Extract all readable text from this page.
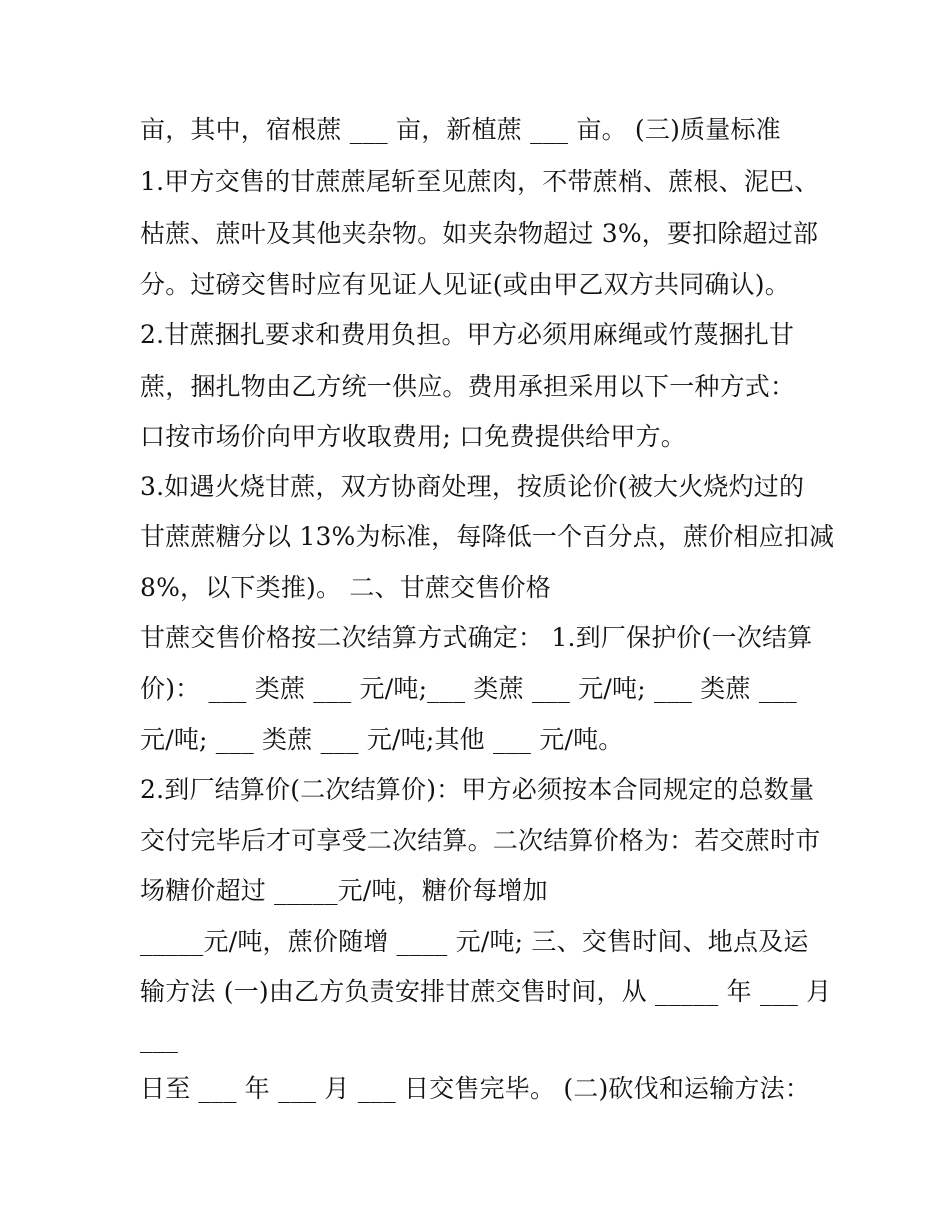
亩，其中，宿根蔗 ___ 亩，新植蔗 ___ 亩。 (三)质量标准
1.甲方交售的甘蔗蔗尾斩至见蔗肉，不带蔗梢、蔗根、泥巴、
枯蔗、蔗叶及其他夹杂物。如夹杂物超过 3%，要扣除超过部
分。过磅交售时应有见证人见证(或由甲乙双方共同确认)。
2.甘蔗捆扎要求和费用负担。甲方必须用麻绳或竹蔑捆扎甘
蔗，捆扎物由乙方统一供应。费用承担采用以下一种方式：
口按市场价向甲方收取费用; 口免费提供给甲方。
3.如遇火烧甘蔗，双方协商处理，按质论价(被大火烧灼过的
甘蔗蔗糖分以 13%为标准，每降低一个百分点，蔗价相应扣减
8%，以下类推)。 二、甘蔗交售价格
甘蔗交售价格按二次结算方式确定： 1.到厂保护价(一次结算
价)： ___ 类蔗 ___ 元/吨;___ 类蔗 ___ 元/吨; ___ 类蔗 ___
元/吨; ___ 类蔗 ___ 元/吨;其他 ___ 元/吨。
2.到厂结算价(二次结算价)：甲方必须按本合同规定的总数量
交付完毕后才可享受二次结算。二次结算价格为：若交蔗时市
场糖价超过 _____元/吨，糖价每增加
_____元/吨，蔗价随增 ____ 元/吨; 三、交售时间、地点及运
输方法 (一)由乙方负责安排甘蔗交售时间，从 _____ 年 ___ 月
___
日至 ___ 年 ___ 月 ___ 日交售完毕。 (二)砍伐和运输方法：
